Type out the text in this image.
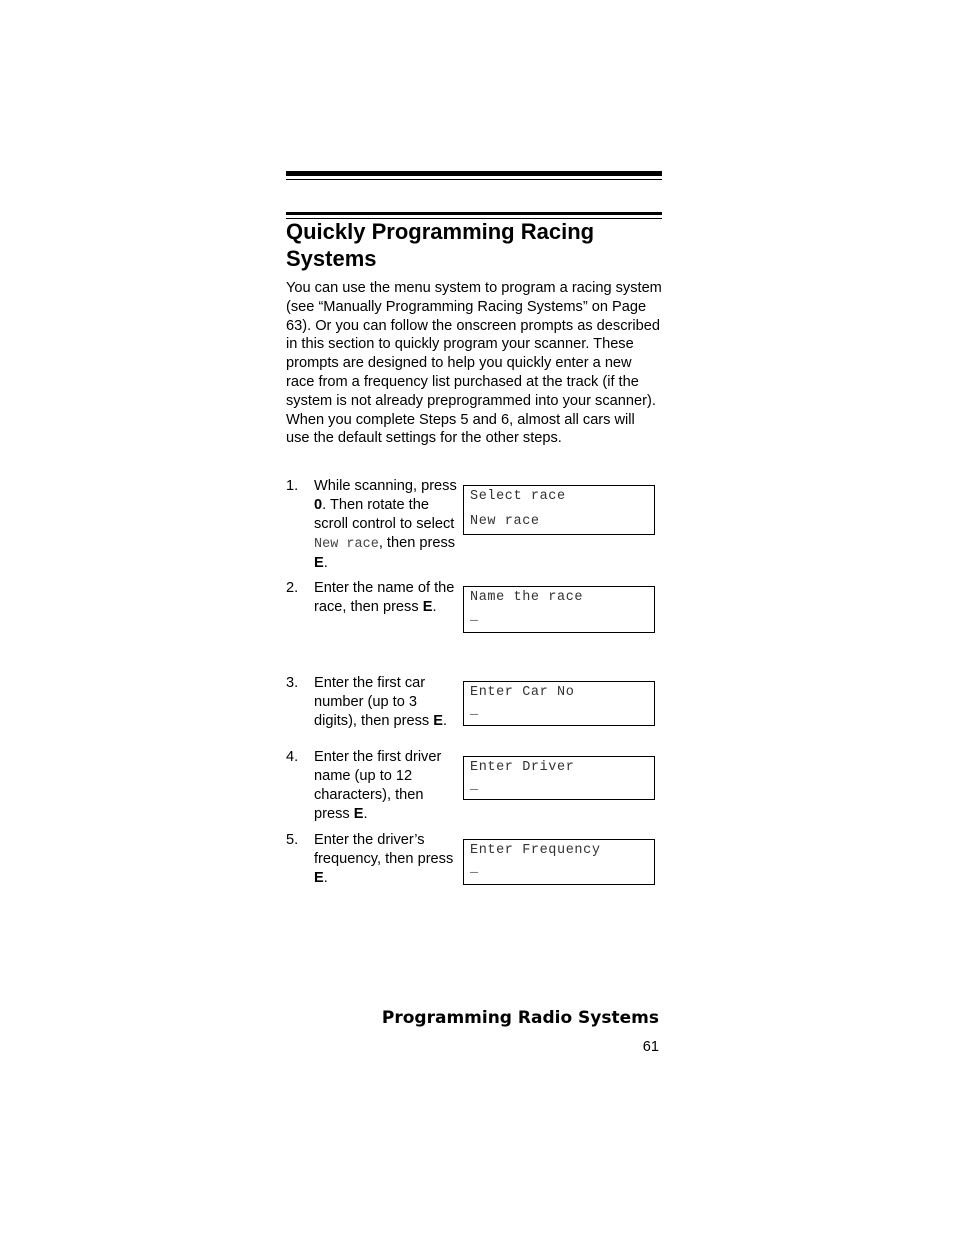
Quickly Programming Racing Systems

You can use the menu system to program a racing system (see “Manually Programming Racing Systems” on Page 63). Or you can follow the onscreen prompts as described in this section to quickly program your scanner. These prompts are designed to help you quickly enter a new race from a frequency list purchased at the track (if the system is not already preprogrammed into your scanner). When you complete Steps 5 and 6, almost all cars will use the default settings for the other steps.

1. While scanning, press 0. Then rotate the scroll control to select New race, then press E.
Select race
New race
2. Enter the name of the race, then press E.
Name the race
_
3. Enter the first car number (up to 3 digits), then press E.
Enter Car No
_
4. Enter the first driver name (up to 12 characters), then press E.
Enter Driver
_
5. Enter the driver’s frequency, then press E.
Enter Frequency
_
Programming Radio Systems
61
